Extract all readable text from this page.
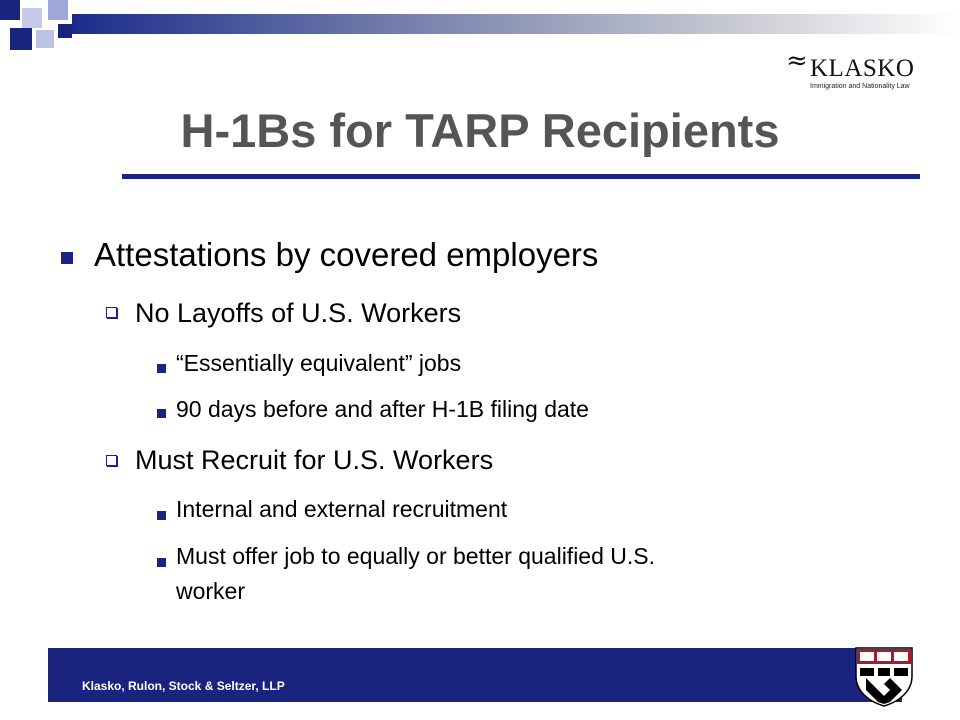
≈ KLASKO
Immigration and Nationality Law
H-1Bs for TARP Recipients
Attestations by covered employers
No Layoffs of U.S. Workers
“Essentially equivalent” jobs
90 days before and after H-1B filing date
Must Recruit for U.S. Workers
Internal and external recruitment
Must offer job to equally or better qualified U.S.
worker
Klasko, Rulon, Stock & Seltzer, LLP
